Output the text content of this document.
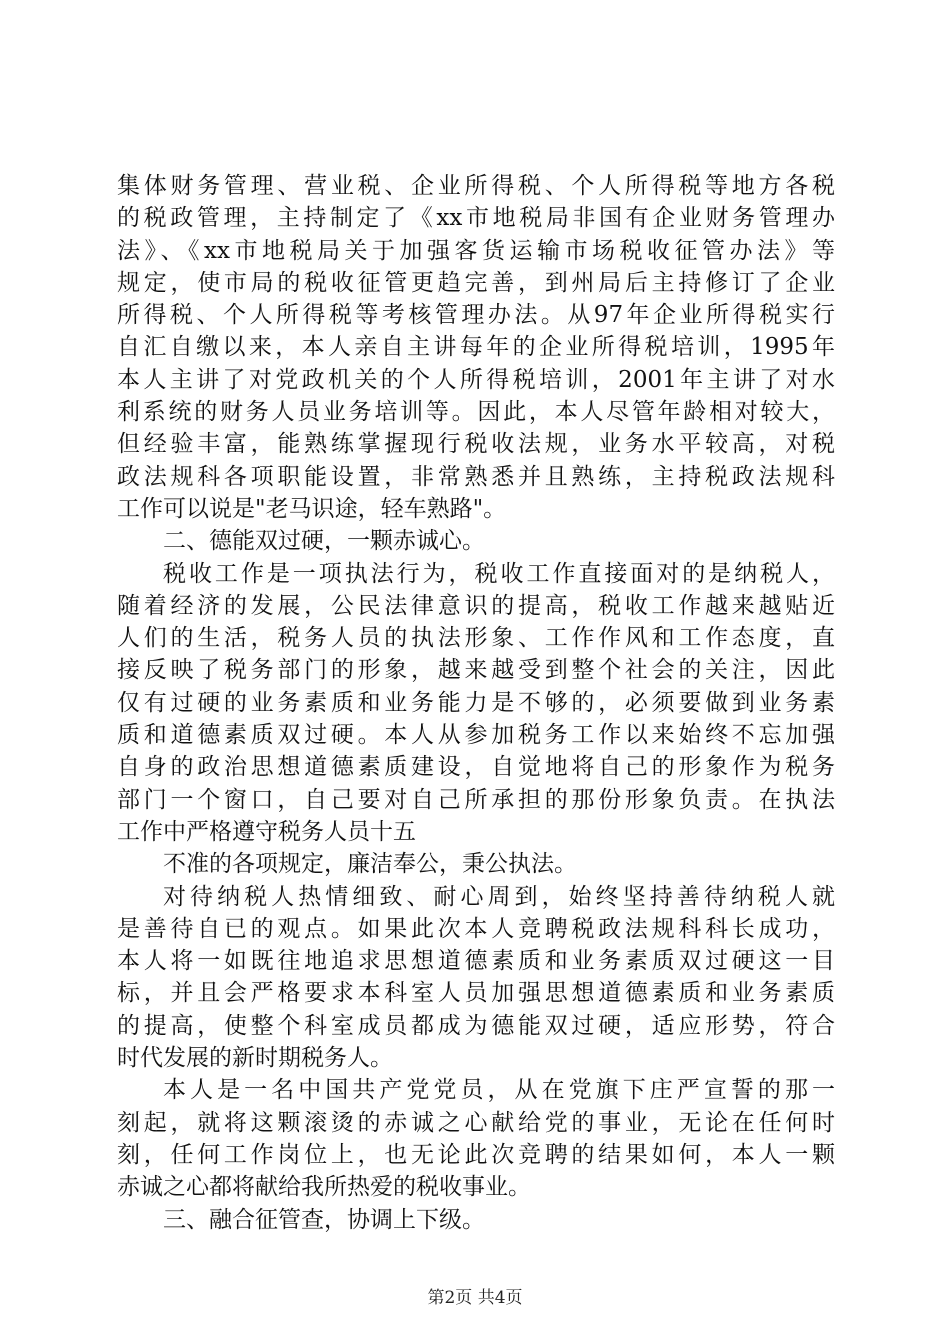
集体财务管理、营业税、企业所得税、个人所得税等地方各税
的税政管理，主持制定了《xx市地税局非国有企业财务管理办
法》、《xx市地税局关于加强客货运输市场税收征管办法》等
规定，使市局的税收征管更趋完善，到州局后主持修订了企业
所得税、个人所得税等考核管理办法。从97年企业所得税实行
自汇自缴以来，本人亲自主讲每年的企业所得税培训，1995年
本人主讲了对党政机关的个人所得税培训，2001年主讲了对水
利系统的财务人员业务培训等。因此，本人尽管年龄相对较大，
但经验丰富，能熟练掌握现行税收法规，业务水平较高，对税
政法规科各项职能设置，非常熟悉并且熟练，主持税政法规科
工作可以说是"老马识途，轻车熟路"。
二、德能双过硬，一颗赤诚心。
税收工作是一项执法行为，税收工作直接面对的是纳税人，
随着经济的发展，公民法律意识的提高，税收工作越来越贴近
人们的生活，税务人员的执法形象、工作作风和工作态度，直
接反映了税务部门的形象，越来越受到整个社会的关注，因此
仅有过硬的业务素质和业务能力是不够的，必须要做到业务素
质和道德素质双过硬。本人从参加税务工作以来始终不忘加强
自身的政治思想道德素质建设，自觉地将自己的形象作为税务
部门一个窗口，自己要对自己所承担的那份形象负责。在执法
工作中严格遵守税务人员十五
不准的各项规定，廉洁奉公，秉公执法。
对待纳税人热情细致、耐心周到，始终坚持善待纳税人就
是善待自已的观点。如果此次本人竞聘税政法规科科长成功，
本人将一如既往地追求思想道德素质和业务素质双过硬这一目
标，并且会严格要求本科室人员加强思想道德素质和业务素质
的提高，使整个科室成员都成为德能双过硬，适应形势，符合
时代发展的新时期税务人。
本人是一名中国共产党党员，从在党旗下庄严宣誓的那一
刻起，就将这颗滚烫的赤诚之心献给党的事业，无论在任何时
刻，任何工作岗位上，也无论此次竞聘的结果如何，本人一颗
赤诚之心都将献给我所热爱的税收事业。
三、融合征管查，协调上下级。
第2页 共4页
